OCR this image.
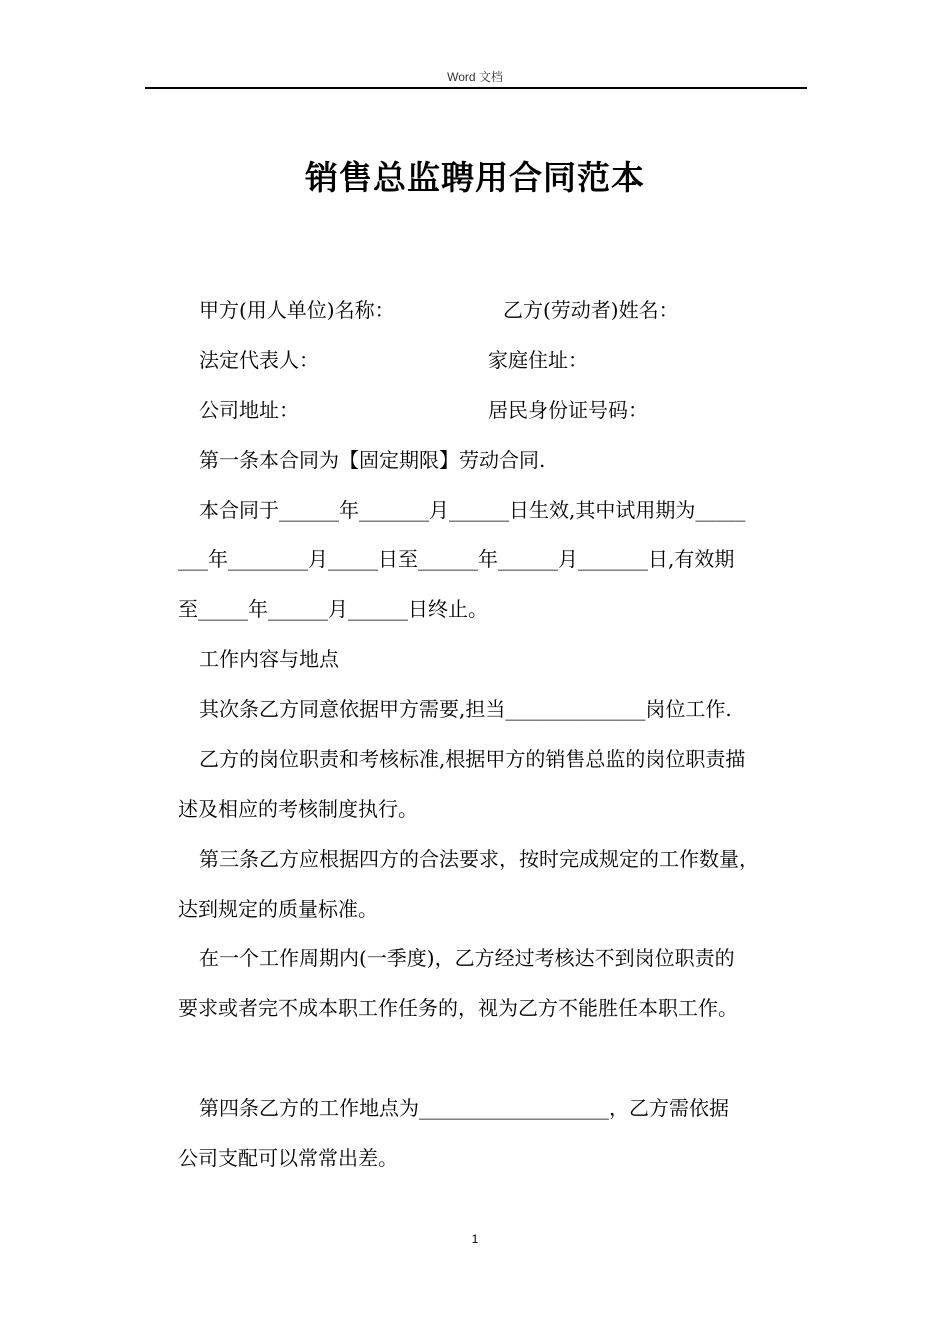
Word 文档
销售总监聘用合同范本
甲方(用人单位)名称：	乙方(劳动者)姓名：
法定代表人：	家庭住址：
公司地址：	居民身份证号码：
第一条本合同为【固定期限】劳动合同.
本合同于______年_______月______日生效,其中试用期为_____
___年________月_____日至______年______月_______日,有效期
至_____年______月______日终止。
工作内容与地点
其次条乙方同意依据甲方需要,担当______________岗位工作.
乙方的岗位职责和考核标准,根据甲方的销售总监的岗位职责描
述及相应的考核制度执行。
第三条乙方应根据四方的合法要求，按时完成规定的工作数量，
达到规定的质量标准。
在一个工作周期内(一季度)，乙方经过考核达不到岗位职责的
要求或者完不成本职工作任务的，视为乙方不能胜任本职工作。
第四条乙方的工作地点为___________________，乙方需依据
公司支配可以常常出差。
1
